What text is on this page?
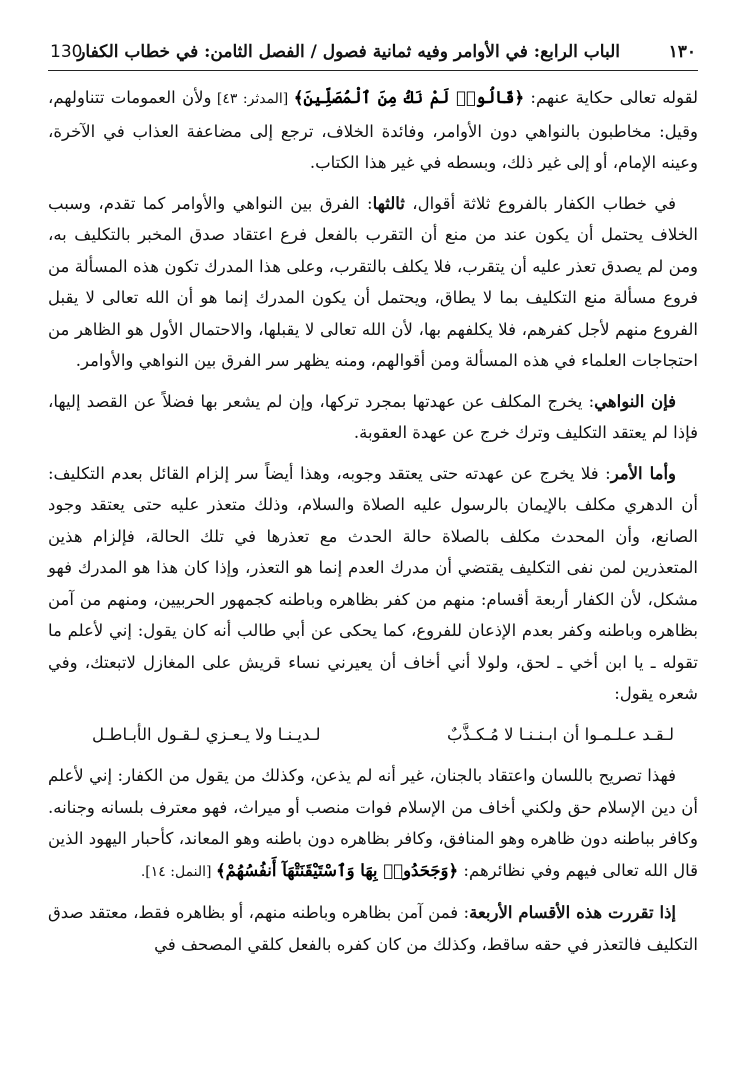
130
الباب الرابع: في الأوامر وفيه ثمانية فصول / الفصل الثامن: في خطاب الكفار	١٣٠

لقوله تعالى حكاية عنهم: ﴿قَالُوا۟ لَمْ نَكُ مِنَ ٱلْمُصَلِّينَ﴾ [المدثر: ٤٣] ولأن العمومات تتناولهم، وقيل: مخاطبون بالنواهي دون الأوامر، وفائدة الخلاف، ترجع إلى مضاعفة العذاب في الآخرة، وعينه الإمام، أو إلى غير ذلك، وبسطه في غير هذا الكتاب.

في خطاب الكفار بالفروع ثلاثة أقوال، ثالثها: الفرق بين النواهي والأوامر كما تقدم، وسبب الخلاف يحتمل أن يكون عند من منع أن التقرب بالفعل فرع اعتقاد صدق المخبر بالتكليف به، ومن لم يصدق تعذر عليه أن يتقرب، فلا يكلف بالتقرب، وعلى هذا المدرك تكون هذه المسألة من فروع مسألة منع التكليف بما لا يطاق، ويحتمل أن يكون المدرك إنما هو أن الله تعالى لا يقبل الفروع منهم لأجل كفرهم، فلا يكلفهم بها، لأن الله تعالى لا يقبلها، والاحتمال الأول هو الظاهر من احتجاجات العلماء في هذه المسألة ومن أقوالهم، ومنه يظهر سر الفرق بين النواهي والأوامر.

فإن النواهي: يخرج المكلف عن عهدتها بمجرد تركها، وإن لم يشعر بها فضلاً عن القصد إليها، فإذا لم يعتقد التكليف وترك خرج عن عهدة العقوبة.

وأما الأمر: فلا يخرج عن عهدته حتى يعتقد وجوبه، وهذا أيضاً سر إلزام القائل بعدم التكليف: أن الدهري مكلف بالإيمان بالرسول عليه الصلاة والسلام، وذلك متعذر عليه حتى يعتقد وجود الصانع، وأن المحدث مكلف بالصلاة حالة الحدث مع تعذرها في تلك الحالة، فإلزام هذين المتعذرين لمن نفى التكليف يقتضي أن مدرك العدم إنما هو التعذر، وإذا كان هذا هو المدرك فهو مشكل، لأن الكفار أربعة أقسام: منهم من كفر بظاهره وباطنه كجمهور الحربيين، ومنهم من آمن بظاهره وباطنه وكفر بعدم الإذعان للفروع، كما يحكى عن أبي طالب أنه كان يقول: إني لأعلم ما تقوله ـ يا ابن أخي ـ لحق، ولولا أني أخاف أن يعيرني نساء قريش على المغازل لاتبعتك، وفي شعره يقول:

لـقـد عـلـمـوا أن ابـنـنـا لا مُـكـذَّبٌ
لـديـنـا ولا يـعـزي لـقـول الأبـاطـل

فهذا تصريح باللسان واعتقاد بالجنان، غير أنه لم يذعن، وكذلك من يقول من الكفار: إني لأعلم أن دين الإسلام حق ولكني أخاف من الإسلام فوات منصب أو ميراث، فهو معترف بلسانه وجنانه. وكافر بباطنه دون ظاهره وهو المنافق، وكافر بظاهره دون باطنه وهو المعاند، كأحبار اليهود الذين قال الله تعالى فيهم وفي نظائرهم: ﴿وَجَحَدُوا۟ بِهَا وَٱسْتَيْقَنَتْهَآ أَنفُسُهُمْ﴾ [النمل: ١٤].

إذا تقررت هذه الأقسام الأربعة: فمن آمن بظاهره وباطنه منهم، أو بظاهره فقط، معتقد صدق التكليف فالتعذر في حقه ساقط، وكذلك من كان كفره بالفعل كلقي المصحف في
